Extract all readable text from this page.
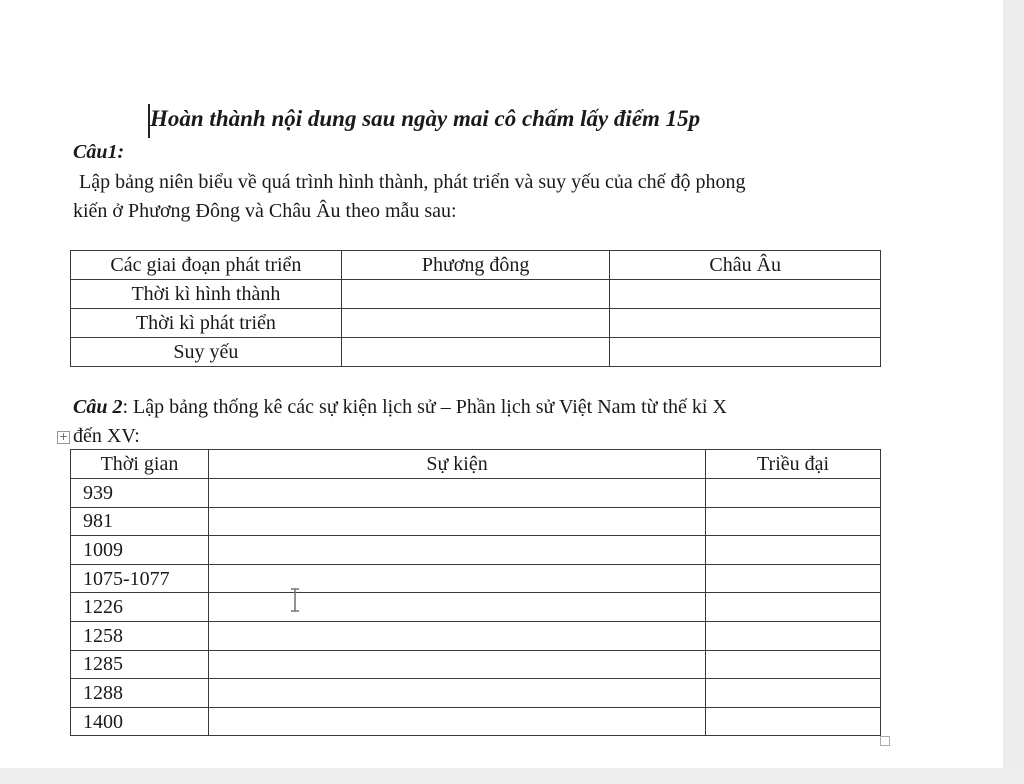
Hoàn thành nội dung sau ngày mai cô chấm lấy điểm 15p
Câu1:
Lập bảng niên biểu về quá trình hình thành, phát triển và suy yếu của chế độ phong
kiến ở Phương Đông và Châu Âu theo mẫu sau:
Các giai đoạn phát triển	Phương đông	Châu Âu
Thời kì hình thành		
Thời kì phát triển		
Suy yếu		
Câu 2: Lập bảng thống kê các sự kiện lịch sử – Phần lịch sử Việt Nam từ thế kỉ X
đến XV:
+
Thời gian	Sự kiện	Triều đại
939		
981		
1009		
1075-1077		
1226		
1258		
1285		
1288		
1400		
